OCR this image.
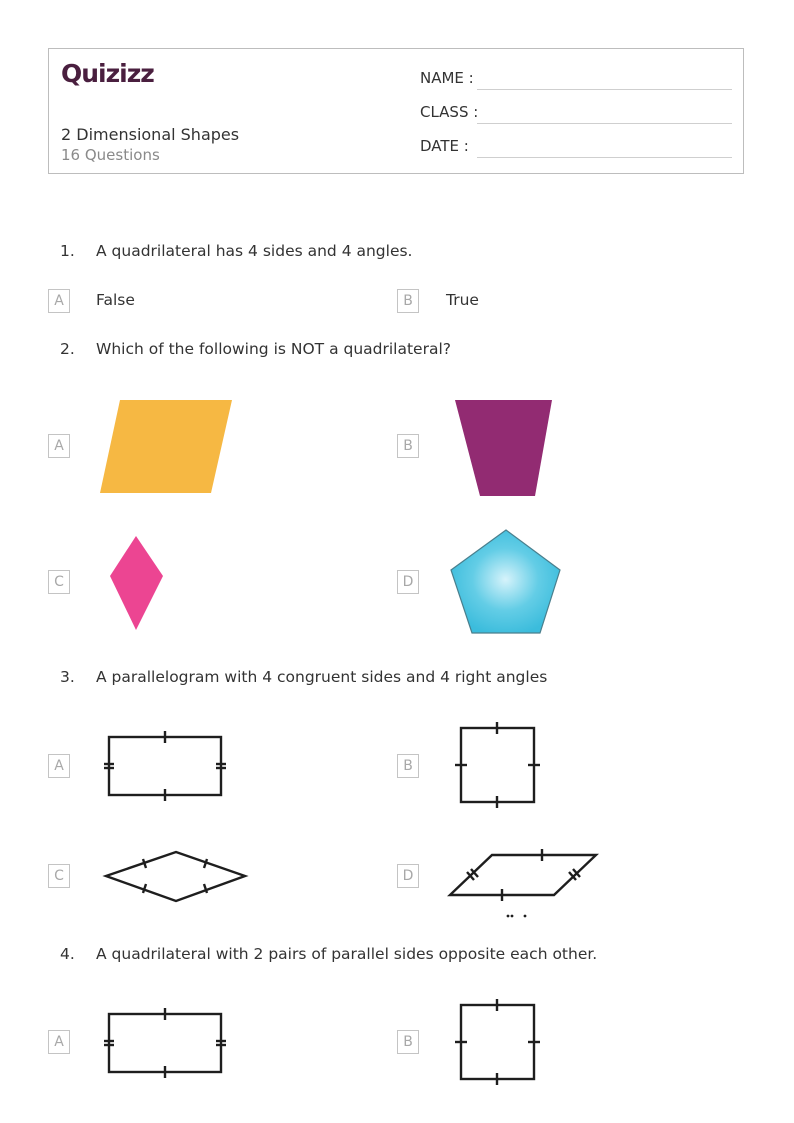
Quizizz
2 Dimensional Shapes
16 Questions
NAME :
CLASS :
DATE :
1. A quadrilateral has 4 sides and 4 angles.
A	False	B	True
2. Which of the following is NOT a quadrilateral?
A	B
C	D
3. A parallelogram with 4 congruent sides and 4 right angles
A	B
C	D
4. A quadrilateral with 2 pairs of parallel sides opposite each other.
A	B
